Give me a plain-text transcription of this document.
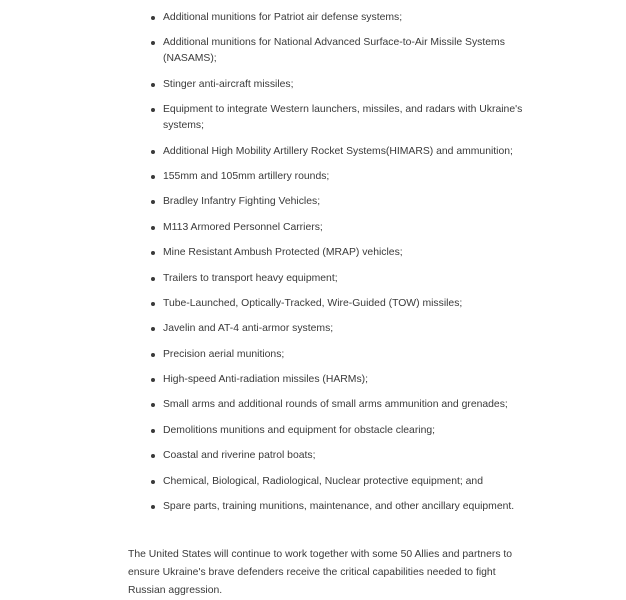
Additional munitions for Patriot air defense systems;
Additional munitions for National Advanced Surface-to-Air Missile Systems (NASAMS);
Stinger anti-aircraft missiles;
Equipment to integrate Western launchers, missiles, and radars with Ukraine's systems;
Additional High Mobility Artillery Rocket Systems(HIMARS) and ammunition;
155mm and 105mm artillery rounds;
Bradley Infantry Fighting Vehicles;
M113 Armored Personnel Carriers;
Mine Resistant Ambush Protected (MRAP) vehicles;
Trailers to transport heavy equipment;
Tube-Launched, Optically-Tracked, Wire-Guided (TOW) missiles;
Javelin and AT-4 anti-armor systems;
Precision aerial munitions;
High-speed Anti-radiation missiles (HARMs);
Small arms and additional rounds of small arms ammunition and grenades;
Demolitions munitions and equipment for obstacle clearing;
Coastal and riverine patrol boats;
Chemical, Biological, Radiological, Nuclear protective equipment; and
Spare parts, training munitions, maintenance, and other ancillary equipment.

The United States will continue to work together with some 50 Allies and partners to ensure Ukraine's brave defenders receive the critical capabilities needed to fight Russian aggression.
